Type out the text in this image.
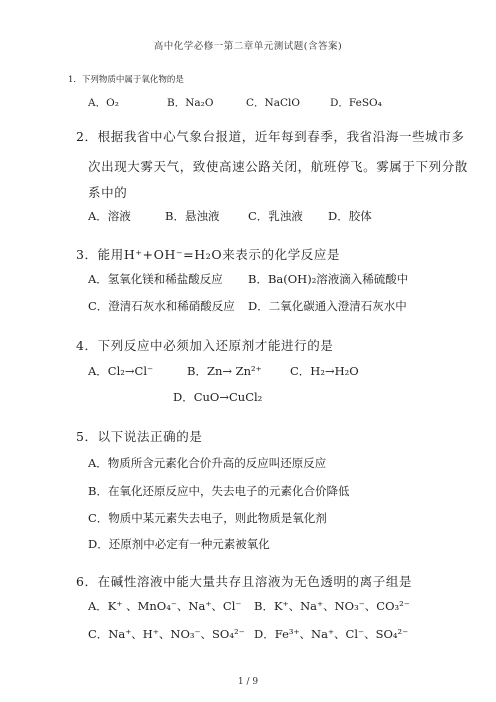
高中化学必修一第二章单元测试题(含答案)
1．下列物质中属于氧化物的是
A．O₂	B．Na₂O	C．NaClO	D．FeSO₄
2．根据我省中心气象台报道，近年每到春季，我省沿海一些城市多
次出现大雾天气，致使高速公路关闭，航班停飞。雾属于下列分散
系中的
A．溶液	B．悬浊液 C．乳浊液 D．胶体
3．能用H⁺+OH⁻=H₂O来表示的化学反应是
A．氢氧化镁和稀盐酸反应 B．Ba(OH)₂溶液滴入稀硫酸中
C．澄清石灰水和稀硝酸反应 D．二氧化碳通入澄清石灰水中
4．下列反应中必须加入还原剂才能进行的是
A．Cl₂→Cl⁻	B．Zn→ Zn²⁺ C．H₂→H₂O
D．CuO→CuCl₂
5．以下说法正确的是
A．物质所含元素化合价升高的反应叫还原反应
B．在氧化还原反应中，失去电子的元素化合价降低
C．物质中某元素失去电子，则此物质是氧化剂
D．还原剂中必定有一种元素被氧化
6．在碱性溶液中能大量共存且溶液为无色透明的离子组是
A．K⁺ 、MnO₄⁻、Na⁺、Cl⁻ B．K⁺、Na⁺、NO₃⁻、CO₃²⁻
C．Na⁺、H⁺、NO₃⁻、SO₄²⁻ D．Fe³⁺、Na⁺、Cl⁻、SO₄²⁻
1 / 9
